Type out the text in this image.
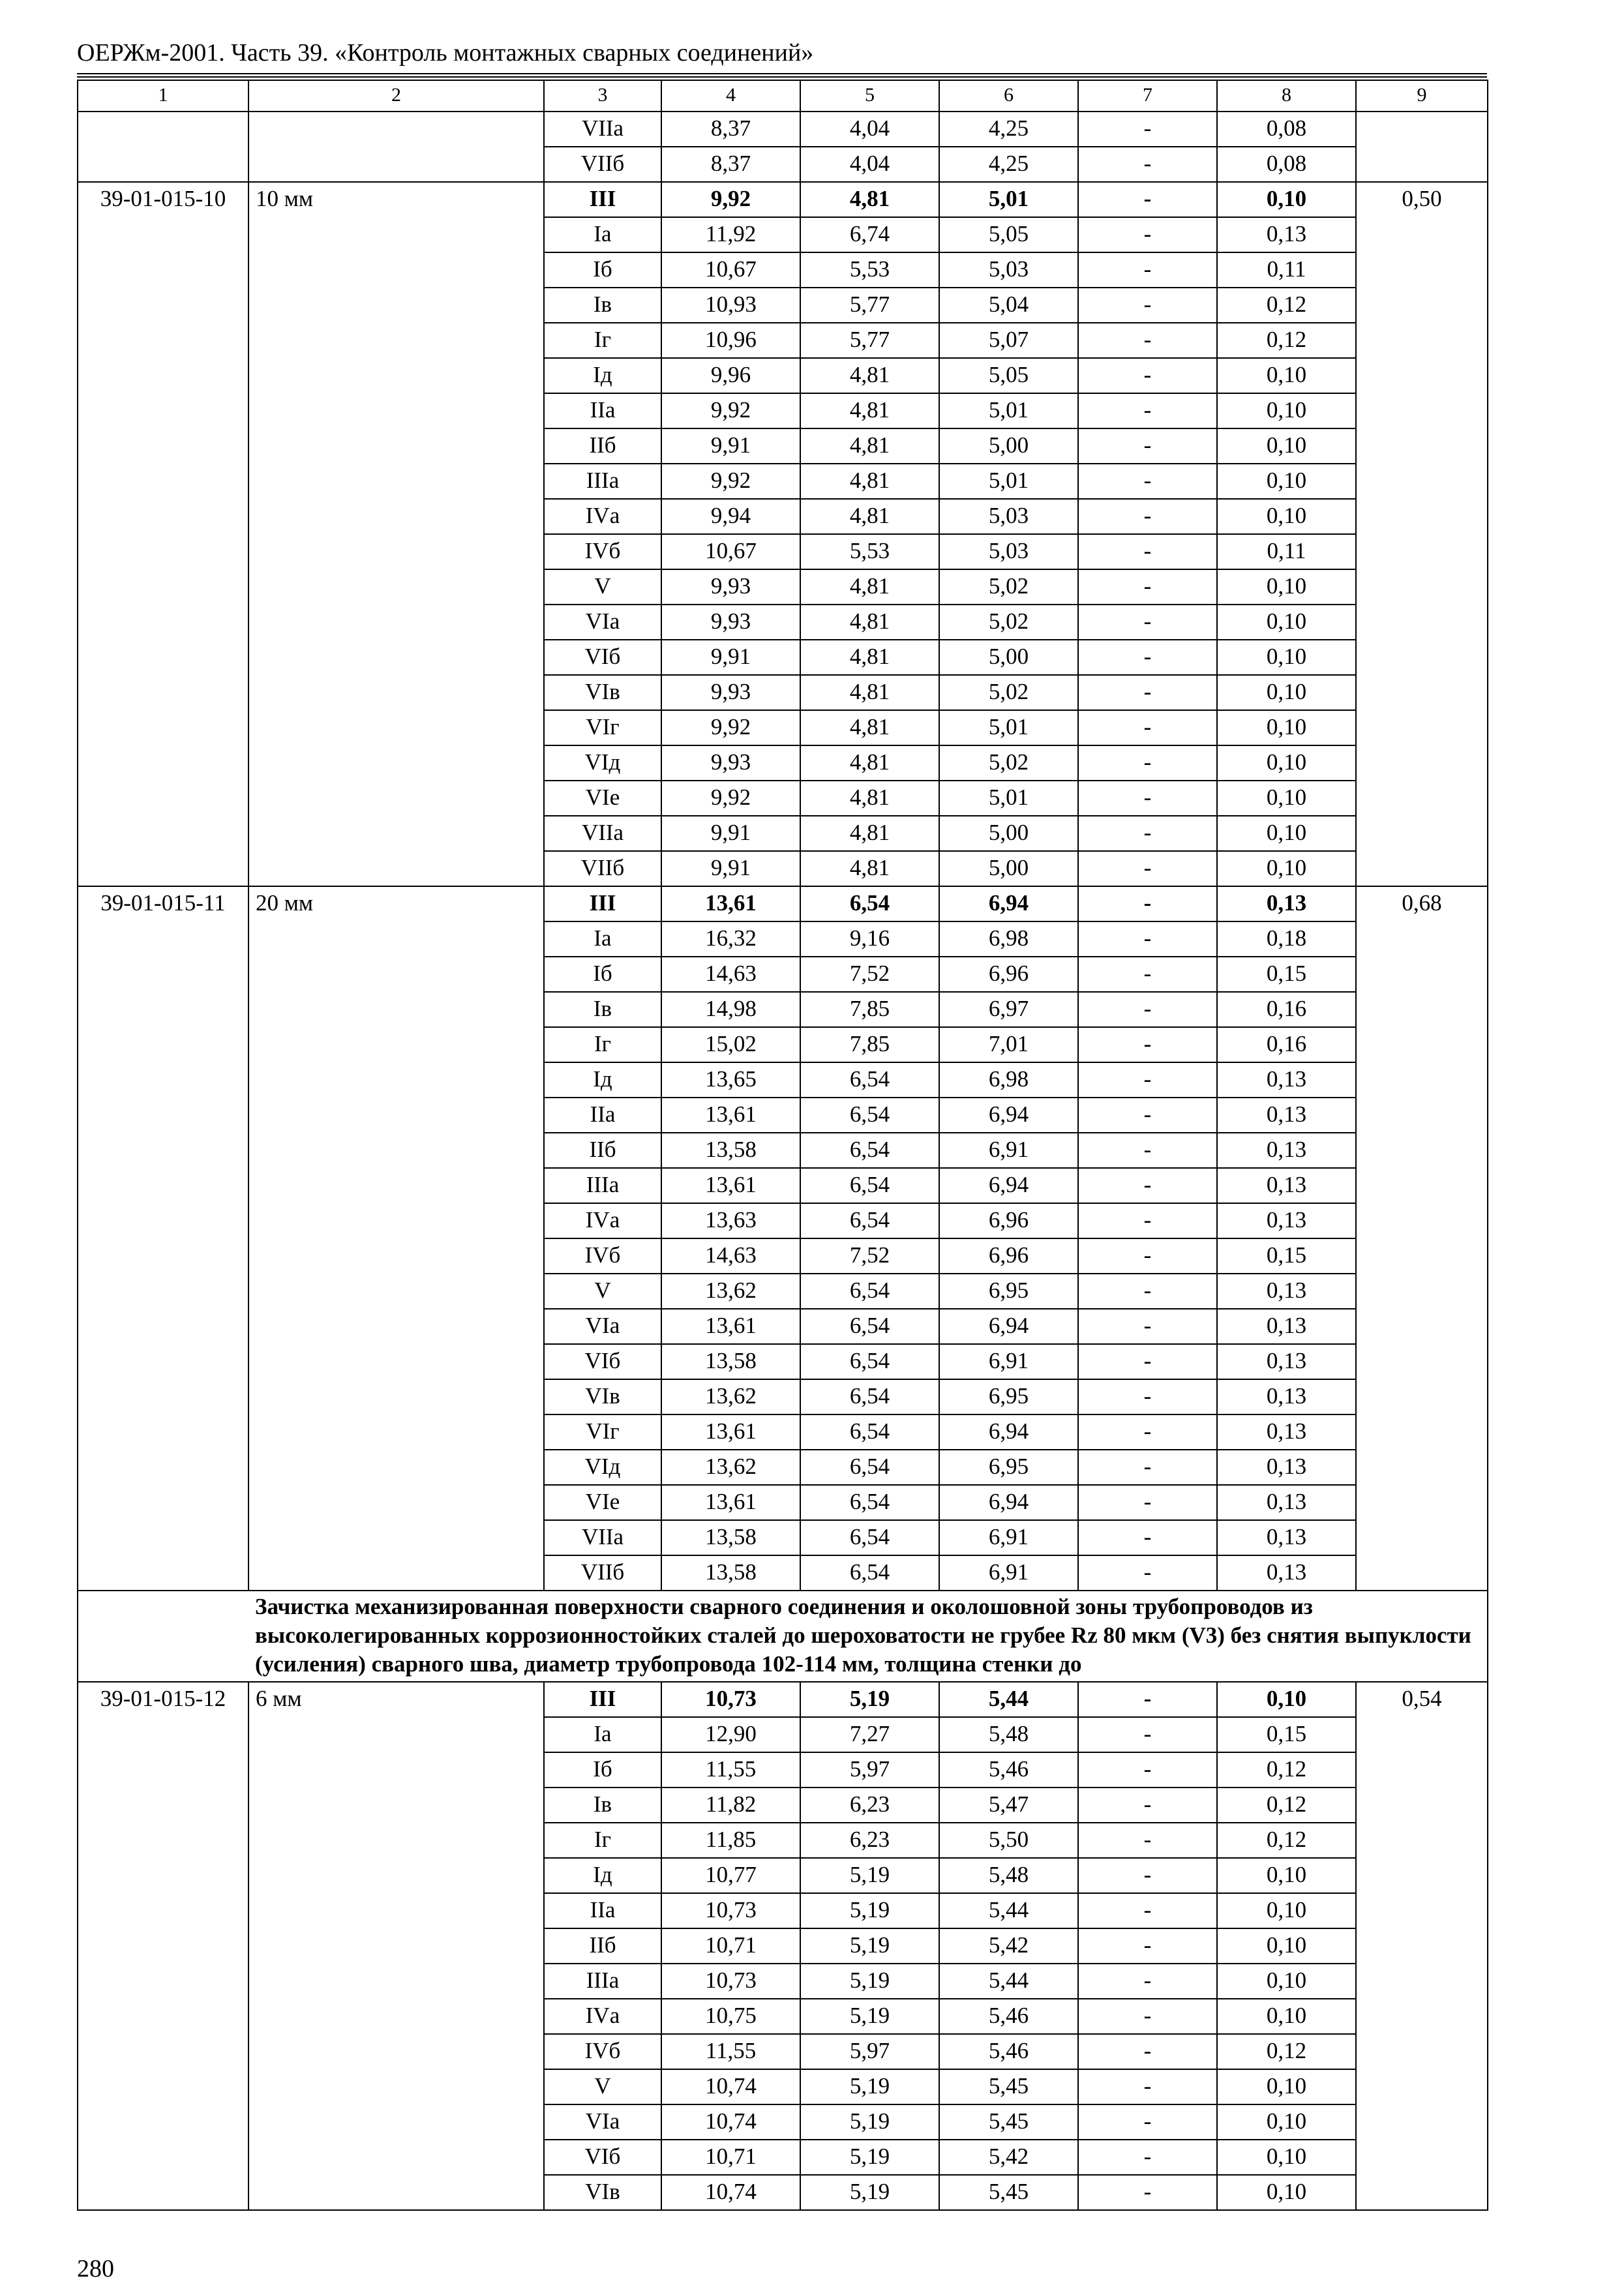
ОЕРЖм-2001. Часть 39. «Контроль монтажных сварных соединений»
1	2	3	4	5	6	7	8	9
		VIIа	8,37	4,04	4,25	-	0,08	
		VIIб	8,37	4,04	4,25	-	0,08	
39-01-015-10	10 мм	III	9,92	4,81	5,01	-	0,10	0,50
		Iа	11,92	6,74	5,05	-	0,13	
		Iб	10,67	5,53	5,03	-	0,11	
		Iв	10,93	5,77	5,04	-	0,12	
		Iг	10,96	5,77	5,07	-	0,12	
		Iд	9,96	4,81	5,05	-	0,10	
		IIа	9,92	4,81	5,01	-	0,10	
		IIб	9,91	4,81	5,00	-	0,10	
		IIIа	9,92	4,81	5,01	-	0,10	
		IVа	9,94	4,81	5,03	-	0,10	
		IVб	10,67	5,53	5,03	-	0,11	
		V	9,93	4,81	5,02	-	0,10	
		VIа	9,93	4,81	5,02	-	0,10	
		VIб	9,91	4,81	5,00	-	0,10	
		VIв	9,93	4,81	5,02	-	0,10	
		VIг	9,92	4,81	5,01	-	0,10	
		VIд	9,93	4,81	5,02	-	0,10	
		VIе	9,92	4,81	5,01	-	0,10	
		VIIа	9,91	4,81	5,00	-	0,10	
		VIIб	9,91	4,81	5,00	-	0,10	
39-01-015-11	20 мм	III	13,61	6,54	6,94	-	0,13	0,68
		Iа	16,32	9,16	6,98	-	0,18	
		Iб	14,63	7,52	6,96	-	0,15	
		Iв	14,98	7,85	6,97	-	0,16	
		Iг	15,02	7,85	7,01	-	0,16	
		Iд	13,65	6,54	6,98	-	0,13	
		IIа	13,61	6,54	6,94	-	0,13	
		IIб	13,58	6,54	6,91	-	0,13	
		IIIа	13,61	6,54	6,94	-	0,13	
		IVа	13,63	6,54	6,96	-	0,13	
		IVб	14,63	7,52	6,96	-	0,15	
		V	13,62	6,54	6,95	-	0,13	
		VIа	13,61	6,54	6,94	-	0,13	
		VIб	13,58	6,54	6,91	-	0,13	
		VIв	13,62	6,54	6,95	-	0,13	
		VIг	13,61	6,54	6,94	-	0,13	
		VIд	13,62	6,54	6,95	-	0,13	
		VIе	13,61	6,54	6,94	-	0,13	
		VIIа	13,58	6,54	6,91	-	0,13	
		VIIб	13,58	6,54	6,91	-	0,13	
	Зачистка механизированная поверхности сварного соединения и околошовной зоны трубопроводов из высоколегированных коррозионностойких сталей до шероховатости не грубее Rz 80 мкм (V3) без снятия выпуклости (усиления) сварного шва, диаметр трубопровода 102-114 мм, толщина стенки до							
39-01-015-12	6 мм	III	10,73	5,19	5,44	-	0,10	0,54
		Iа	12,90	7,27	5,48	-	0,15	
		Iб	11,55	5,97	5,46	-	0,12	
		Iв	11,82	6,23	5,47	-	0,12	
		Iг	11,85	6,23	5,50	-	0,12	
		Iд	10,77	5,19	5,48	-	0,10	
		IIа	10,73	5,19	5,44	-	0,10	
		IIб	10,71	5,19	5,42	-	0,10	
		IIIа	10,73	5,19	5,44	-	0,10	
		IVа	10,75	5,19	5,46	-	0,10	
		IVб	11,55	5,97	5,46	-	0,12	
		V	10,74	5,19	5,45	-	0,10	
		VIа	10,74	5,19	5,45	-	0,10	
		VIб	10,71	5,19	5,42	-	0,10	
		VIв	10,74	5,19	5,45	-	0,10	
280
